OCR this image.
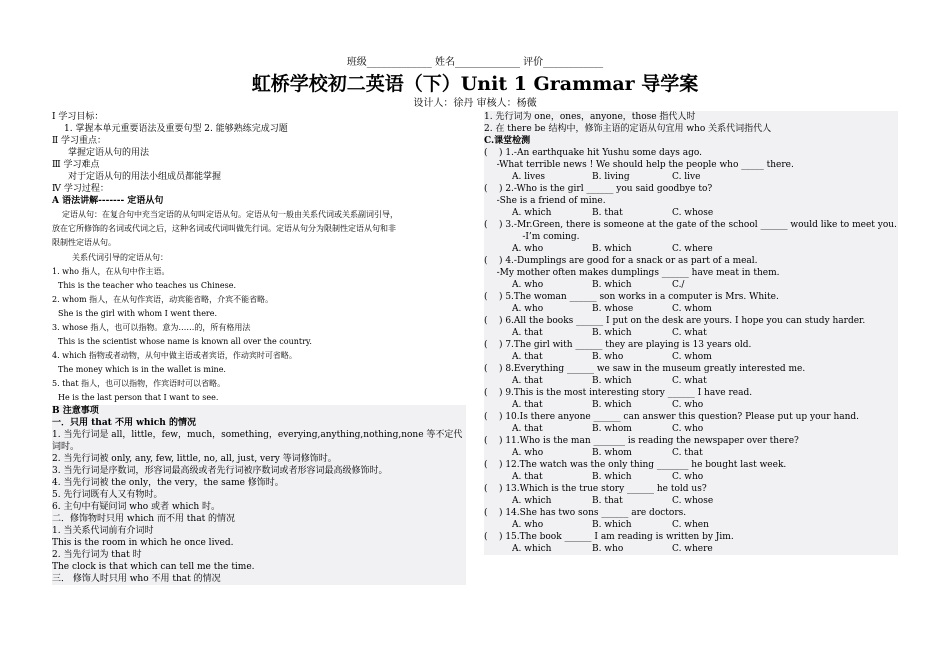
班级_____________ 姓名_____________ 评价____________
虹桥学校初二英语（下）Unit 1 Grammar 导学案
设计人：徐丹 审核人：杨薇
Ⅰ 学习目标：
1. 掌握本单元重要语法及重要句型 2. 能够熟练完成习题
Ⅱ 学习重点：
掌握定语从句的用法
Ⅲ 学习难点
对于定语从句的用法小组成员都能掌握
Ⅳ 学习过程：
A 语法讲解------- 定语从句
定语从句：在复合句中充当定语的从句叫定语从句。定语从句一般由关系代词或关系副词引导，
放在它所修饰的名词或代词之后，这种名词或代词叫做先行词。定语从句分为限制性定语从句和非
限制性定语从句。
关系代词引导的定语从句：
1. who 指人，在从句中作主语。
This is the teacher who teaches us Chinese.
2. whom 指人，在从句作宾语，动宾能省略，介宾不能省略。
She is the girl with whom I went there.
3. whose 指人，也可以指物。意为……的，所有格用法
This is the scientist whose name is known all over the country.
4. which 指物或者动物，从句中做主语或者宾语，作动宾时可省略。
The money which is in the wallet is mine.
5. that 指人，也可以指物，作宾语时可以省略。
He is the last person that I want to see.
B 注意事项
一．只用 that 不用 which 的情况
1. 当先行词是 all，little，few，much，something，everying,anything,nothing,none 等不定代
词时。
2. 当先行词被 only, any, few, little, no, all, just, very 等词修饰时。
3. 当先行词是序数词，形容词最高级或者先行词被序数词或者形容词最高级修饰时。
4. 当先行词被 the only，the very，the same 修饰时。
5. 先行词既有人又有物时。
6. 主句中有疑问词 who 或者 which 时。
二．修饰物时只用 which 而不用 that 的情况
1. 当关系代词前有介词时
This is the room in which he once lived.
2. 当先行词为 that 时
The clock is that which can tell me the time.
三． 修饰人时只用 who 不用 that 的情况
1. 先行词为 one，ones，anyone，those 指代人时
2. 在 there be 结构中，修饰主语的定语从句宜用 who 关系代词指代人
C.课堂检测
(    ) 1.-An earthquake hit Yushu some days ago.
-What terrible news ! We should help the people who _____ there.
A. lives	B. living	C. live
(    ) 2.-Who is the girl ______ you said goodbye to?
-She is a friend of mine.
A. which	B. that	C. whose
(    ) 3.-Mr.Green, there is someone at the gate of the school ______ would like to meet you.
-I’m coming.
A. who	B. which	C. where
(    ) 4.-Dumplings are good for a snack or as part of a meal.
-My mother often makes dumplings ______ have meat in them.
A. who	B. which	C./
(    ) 5.The woman ______ son works in a computer is Mrs. White.
A. who	B. whose	C. whom
(    ) 6.All the books ______ I put on the desk are yours. I hope you can study harder.
A. that	B. which	C. what
(    ) 7.The girl with ______ they are playing is 13 years old.
A. that	B. who	C. whom
(    ) 8.Everything ______ we saw in the museum greatly interested me.
A. that	B. which	C. what
(    ) 9.This is the most interesting story ______ I have read.
A. that	B. which	C. who
(    ) 10.Is there anyone ______ can answer this question? Please put up your hand.
A. that	B. whom	C. who
(    ) 11.Who is the man _______ is reading the newspaper over there?
A. who	B. whom	C. that
(    ) 12.The watch was the only thing _______ he bought last week.
A. that	B. which	C. who
(    ) 13.Which is the true story ______ he told us?
A. which	B. that	C. whose
(    ) 14.She has two sons ______ are doctors.
A. who	B. which	C. when
(    ) 15.The book ______ I am reading is written by Jim.
A. which	B. who	C. where
